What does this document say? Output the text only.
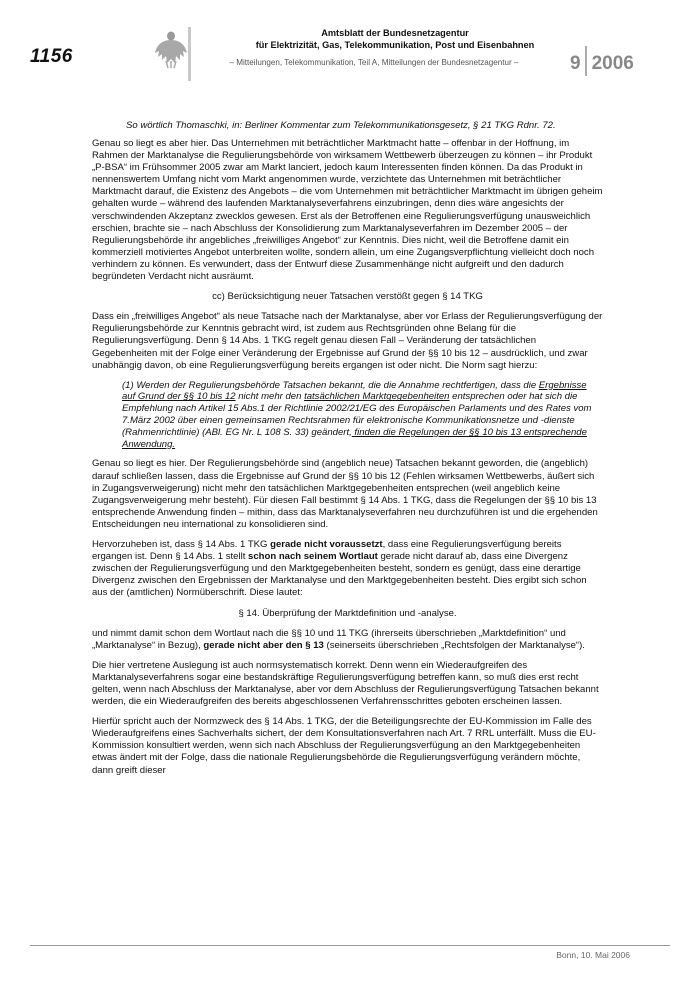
1156
Amtsblatt der Bundesnetzagentur
für Elektrizität, Gas, Telekommunikation, Post und Eisenbahnen
– Mitteilungen, Telekommunikation, Teil A, Mitteilungen der Bundesnetzagentur –	9 2006

So wörtlich Thomaschki, in: Berliner Kommentar zum Telekommunikationsgesetz, § 21 TKG Rdnr. 72.

Genau so liegt es aber hier. Das Unternehmen mit beträchtlicher Marktmacht hatte – offenbar in der Hoffnung, im Rahmen der Marktanalyse die Regulierungsbehörde von wirksamem Wettbewerb überzeugen zu können – ihr Produkt „P-BSA“ im Frühsommer 2005 zwar am Markt lanciert, jedoch kaum Interessenten finden können. Da das Produkt in nennenswertem Umfang nicht vom Markt angenommen wurde, verzichtete das Unternehmen mit beträchtlicher Marktmacht darauf, die Existenz des Angebots – die vom Unternehmen mit beträchtlicher Marktmacht im übrigen geheim gehalten wurde – während des laufenden Marktanalyseverfahrens einzubringen, denn dies wäre angesichts der verschwindenden Akzeptanz zwecklos gewesen. Erst als der Betroffenen eine Regulierungsverfügung unausweichlich erschien, brachte sie – nach Abschluss der Konsolidierung zum Marktanalyseverfahren im Dezember 2005 – der Regulierungsbehörde ihr angebliches „freiwilliges Angebot“ zur Kenntnis. Dies nicht, weil die Betroffene damit ein kommerziell motiviertes Angebot unterbreiten wollte, sondern allein, um eine Zugangsverpflichtung vielleicht doch noch verhindern zu können. Es verwundert, dass der Entwurf diese Zusammenhänge nicht aufgreift und den dadurch begründeten Verdacht nicht ausräumt.

cc) Berücksichtigung neuer Tatsachen verstößt gegen § 14 TKG

Dass ein „freiwilliges Angebot“ als neue Tatsache nach der Marktanalyse, aber vor Erlass der Regulierungsverfügung der Regulierungsbehörde zur Kenntnis gebracht wird, ist zudem aus Rechtsgründen ohne Belang für die Regulierungsverfügung. Denn § 14 Abs. 1 TKG regelt genau diesen Fall – Veränderung der tatsächlichen Gegebenheiten mit der Folge einer Veränderung der Ergebnisse auf Grund der §§ 10 bis 12 – ausdrücklich, und zwar unabhängig davon, ob eine Regulierungsverfügung bereits ergangen ist oder nicht. Die Norm sagt hierzu:

(1) Werden der Regulierungsbehörde Tatsachen bekannt, die die Annahme rechtfertigen, dass die Ergebnisse auf Grund der §§ 10 bis 12 nicht mehr den tatsächlichen Marktgegebenheiten entsprechen oder hat sich die Empfehlung nach Artikel 15 Abs.1 der Richtlinie 2002/21/EG des Europäischen Parlaments und des Rates vom 7.März 2002 über einen gemeinsamen Rechtsrahmen für elektronische Kommunikationsnetze und -dienste (Rahmenrichtlinie) (ABl. EG Nr. L 108 S. 33) geändert, finden die Regelungen der §§ 10 bis 13 entsprechende Anwendung.

Genau so liegt es hier. Der Regulierungsbehörde sind (angeblich neue) Tatsachen bekannt geworden, die (angeblich) darauf schließen lassen, dass die Ergebnisse auf Grund der §§ 10 bis 12 (Fehlen wirksamen Wettbewerbs, äußert sich in Zugangsverweigerung) nicht mehr den tatsächlichen Marktgegebenheiten entsprechen (weil angeblich keine Zugangsverweigerung mehr besteht). Für diesen Fall bestimmt § 14 Abs. 1 TKG, dass die Regelungen der §§ 10 bis 13 entsprechende Anwendung finden – mithin, dass das Marktanalyseverfahren neu durchzuführen ist und die ergehenden Entscheidungen neu international zu konsolidieren sind.

Hervorzuheben ist, dass § 14 Abs. 1 TKG gerade nicht voraussetzt, dass eine Regulierungsverfügung bereits ergangen ist. Denn § 14 Abs. 1 stellt schon nach seinem Wortlaut gerade nicht darauf ab, dass eine Divergenz zwischen der Regulierungsverfügung und den Marktgegebenheiten besteht, sondern es genügt, dass eine derartige Divergenz zwischen den Ergebnissen der Marktanalyse und den Marktgegebenheiten besteht. Dies ergibt sich schon aus der (amtlichen) Normüberschrift. Diese lautet:

§ 14. Überprüfung der Marktdefinition und -analyse.

und nimmt damit schon dem Wortlaut nach die §§ 10 und 11 TKG (ihrerseits überschrieben „Marktdefinition“ und „Marktanalyse“ in Bezug), gerade nicht aber den § 13 (seinerseits überschrieben „Rechtsfolgen der Marktanalyse“).

Die hier vertretene Auslegung ist auch normsystematisch korrekt. Denn wenn ein Wiederaufgreifen des Marktanalyseverfahrens sogar eine bestandskräftige Regulierungsverfügung betreffen kann, so muß dies erst recht gelten, wenn nach Abschluss der Marktanalyse, aber vor dem Abschluss der Regulierungsverfügung Tatsachen bekannt werden, die ein Wiederaufgreifen des bereits abgeschlossenen Verfahrensschrittes geboten erscheinen lassen.

Hierfür spricht auch der Normzweck des § 14 Abs. 1 TKG, der die Beteiligungsrechte der EU-Kommission im Falle des Wiederaufgreifens eines Sachverhalts sichert, der dem Konsultationsverfahren nach Art. 7 RRL unterfällt. Muss die EU-Kommission konsultiert werden, wenn sich nach Abschluss der Regulierungsverfügung an den Marktgegebenheiten etwas ändert mit der Folge, dass die nationale Regulierungsbehörde die Regulierungsverfügung verändern möchte, dann greift dieser

Bonn, 10. Mai 2006
